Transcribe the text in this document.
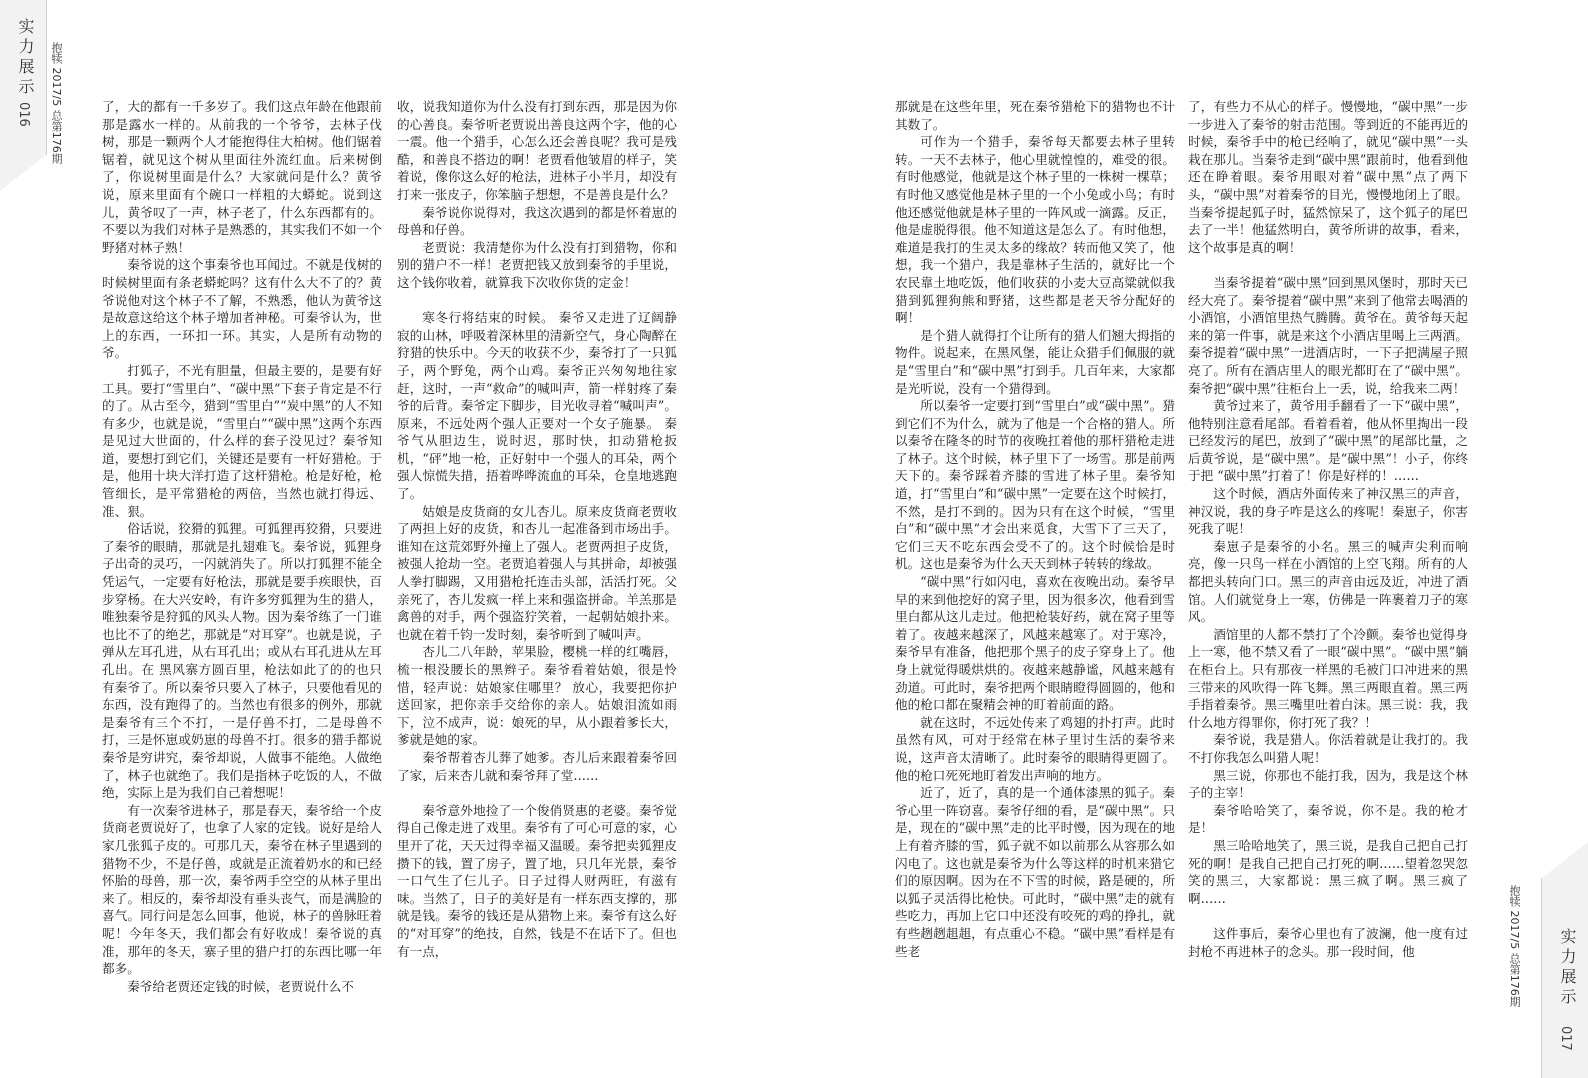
实力展示
016 抱犊 2017/5 总第176期	了，大的都有一千多岁了。我们这点年龄在他跟前那是露水一样的。从前我的一个爷爷，去林子伐树，那是一颗两个人才能抱得住大柏树。他们锯着锯着，就见这个树从里面往外流红血。后来树倒了，你说树里面是什么？大家就问是什么？黄爷说，原来里面有个碗口一样粗的大蟒蛇。说到这儿，黄爷叹了一声，林子老了，什么东西都有的。不要以为我们对林子是熟悉的，其实我们不如一个野猪对林子熟！

秦爷说的这个事秦爷也耳闻过。不就是伐树的时候树里面有条老蟒蛇吗？这有什么大不了的？黄爷说他对这个林子不了解，不熟悉，他认为黄爷这是故意这给这个林子增加者神秘。可秦爷认为，世上的东西，一环扣一环。其实，人是所有动物的爷。

打狐子，不光有胆量，但最主要的，是要有好工具。要打“雪里白”、“碳中黑”下套子肯定是不行的了。从古至今，猎到“雪里白”“炭中黑”的人不知有多少，也就是说，“雪里白”“碳中黑”这两个东西是见过大世面的，什么样的套子没见过？秦爷知道，要想打到它们，关键还是要有一杆好猎枪。于是，他用十块大洋打造了这杆猎枪。枪是好枪，枪管细长，是平常猎枪的两倍，当然也就打得远、准、狠。

俗话说，狡猾的狐狸。可狐狸再狡猾，只要进了秦爷的眼睛，那就是扎翅难飞。秦爷说，狐狸身子出奇的灵巧，一闪就消失了。所以打狐狸不能全凭运气，一定要有好枪法，那就是要手疾眼快，百步穿杨。在大兴安岭，有许多穷狐狸为生的猎人，唯独秦爷是狩狐的风头人物。因为秦爷练了一门谁也比不了的绝艺，那就是“对耳穿”。也就是说，子弹从左耳孔进，从右耳孔出；或从右耳孔进从左耳孔出。在 黑风寨方圆百里，枪法如此了的的也只有秦爷了。所以秦爷只要入了林子，只要他看见的东西，没有跑得了的。当然也有很多的例外，那就是秦爷有三个不打，一是仔兽不打，二是母兽不打，三是怀崽或奶崽的母兽不打。很多的猎手都说秦爷是穷讲究，秦爷却说，人做事不能绝。人做绝了，林子也就绝了。我们是指林子吃饭的人，不做绝，实际上是为我们自己着想呢！

有一次秦爷进林子，那是春天，秦爷给一个皮货商老贾说好了，也拿了人家的定钱。说好是给人家几张狐子皮的。可那几天，秦爷在林子里遇到的猎物不少，不是仔兽，或就是正流着奶水的和已经怀胎的母兽，那一次，秦爷两手空空的从林子里出来了。相反的，秦爷却没有垂头丧气，而是满脸的喜气。同行问是怎么回事，他说，林子的兽脉旺着呢！今年冬天，我们都会有好收成！秦爷说的真准，那年的冬天，寨子里的猎户打的东西比哪一年都多。

秦爷给老贾还定钱的时候，老贾说什么不

收，说我知道你为什么没有打到东西，那是因为你的心善良。秦爷听老贾说出善良这两个字，他的心一震。他一个猎手，心怎么还会善良呢？我可是残酷，和善良不搭边的啊！老贾看他皱眉的样子，笑着说，像你这么好的枪法，进林子小半月，却没有打来一张皮子，你笨脑子想想，不是善良是什么？

秦爷说你说得对，我这次遇到的都是怀着崽的母兽和仔兽。

老贾说：我清楚你为什么没有打到猎物，你和别的猎户不一样！老贾把钱又放到秦爷的手里说，这个钱你收着，就算我下次收你货的定金！

寒冬行将结束的时候。 秦爷又走进了辽阔静寂的山林，呼吸着深林里的清新空气，身心陶醉在狩猎的快乐中。今天的收获不少，秦爷打了一只狐子，两个野兔，两个山鸡。秦爷正兴匆匆地往家赶，这时，一声“救命”的喊叫声，箭一样射疼了秦爷的后背。秦爷定下脚步，目光收寻着“喊叫声”。原来，不远处两个强人正要对一个女子施暴。 秦爷气从胆边生，说时迟，那时快，扣动猎枪扳机，“砰”地一枪，正好射中一个强人的耳朵，两个强人惊慌失措，捂着哗哗流血的耳朵，仓皇地逃跑了。

姑娘是皮货商的女儿杏儿。原来皮货商老贾收了两担上好的皮货，和杏儿一起准备到市场出手。谁知在这荒郊野外撞上了强人。老贾两担子皮货，被强人抢劫一空。老贾追着强人与其拼命，却被强人拳打脚踢，又用猎枪托连击头部，活活打死。父亲死了，杏儿发疯一样上来和强盗拼命。羊羔那是禽兽的对手，两个强盗狞笑着，一起朝姑娘扑来。也就在着千钧一发时刻，秦爷听到了喊叫声。

杏儿二八年龄，苹果脸，樱桃一样的红嘴唇，梳一根没腰长的黑辫子。秦爷看着姑娘，很是怜惜，轻声说：姑娘家住哪里？ 放心，我要把你护送回家，把你亲手交给你的亲人。姑娘泪流如雨下，泣不成声，说：娘死的早，从小跟着爹长大，爹就是她的家。

秦爷帮着杏儿葬了她爹。杏儿后来跟着秦爷回了家，后来杏儿就和秦爷拜了堂……

秦爷意外地捡了一个俊俏贤惠的老婆。秦爷觉得自己像走进了戏里。秦爷有了可心可意的家，心里开了花，天天过得幸福又温暖。秦爷把卖狐狸皮攒下的钱，置了房子，置了地，只几年光景，秦爷一口气生了仨儿子。日子过得人财两旺，有滋有味。当然了，日子的美好是有一样东西支撑的，那就是钱。秦爷的钱还是从猎物上来。秦爷有这么好的“对耳穿”的绝技，自然，钱是不在话下了。但也有一点，

那就是在这些年里，死在秦爷猎枪下的猎物也不计其数了。

可作为一个猎手，秦爷每天都要去林子里转转。一天不去林子，他心里就惶惶的，难受的很。有时他感觉，他就是这个林子里的一株树一棵草；有时他又感觉他是林子里的一个小兔或小鸟；有时他还感觉他就是林子里的一阵风或一滴露。反正，他是虚脱得很。他不知道这是怎么了。有时他想，难道是我打的生灵太多的缘故？转而他又笑了，他想，我一个猎户，我是靠林子生活的，就好比一个农民靠土地吃饭，他们收获的小麦大豆高粱就似我猎到狐狸狗熊和野猪，这些都是老天爷分配好的啊！

是个猎人就得打个让所有的猎人们翘大拇指的物件。说起来，在黑风堡，能让众猎手们佩服的就是“雪里白”和“碳中黑”打到手。几百年来，大家都是光听说，没有一个猎得到。

所以秦爷一定要打到“雪里白”或“碳中黑”。猎到它们不为什么，就为了他是一个合格的猎人。所以秦爷在隆冬的时节的夜晚扛着他的那杆猎枪走进了林子。这个时候，林子里下了一场雪。那是前两天下的。秦爷踩着齐膝的雪进了林子里。秦爷知道，打“雪里白”和“碳中黑”一定要在这个时候打，不然，是打不到的。因为只有在这个时候，“雪里白”和“碳中黑”才会出来觅食，大雪下了三天了，它们三天不吃东西会受不了的。这个时候恰是时机。这也是秦爷为什么天天到林子转转的缘故。

“碳中黑”行如闪电，喜欢在夜晚出动。秦爷早早的来到他挖好的窝子里，因为很多次，他看到雪里白都从这儿走过。他把枪装好药，就在窝子里等着了。夜越来越深了，风越来越寒了。对于寒冷，秦爷早有准备，他把那个黑子的皮子穿身上了。他身上就觉得暖烘烘的。夜越来越静谧，风越来越有劲道。可此时，秦爷把两个眼睛瞪得圆圆的，他和他的枪口都在聚精会神的盯着前面的路。

就在这时，不远处传来了鸡翅的扑打声。此时虽然有风，可对于经常在林子里讨生活的秦爷来说，这声音太清晰了。此时秦爷的眼睛得更圆了。他的枪口死死地盯着发出声响的地方。

近了，近了，真的是一个通体漆黑的狐子。秦爷心里一阵窃喜。秦爷仔细的看，是“碳中黑”。只是，现在的“碳中黑”走的比平时慢，因为现在的地上有着齐膝的雪，狐子就不如以前那么从容那么如闪电了。这也就是秦爷为什么等这样的时机来猎它们的原因啊。因为在不下雪的时候，路是硬的，所以狐子灵活得比枪快。可此时，“碳中黑”走的就有些吃力，再加上它口中还没有咬死的鸡的挣扎，就有些趔趔趄趄，有点重心不稳。“碳中黑”看样是有些老

了，有些力不从心的样子。慢慢地，“碳中黑”一步一步进入了秦爷的射击范围。等到近的不能再近的时候，秦爷手中的枪已经响了，就见“碳中黑”一头栽在那儿。当秦爷走到“碳中黑”跟前时，他看到他还在睁着眼。秦爷用眼对着“碳中黑”点了两下头，“碳中黑”对着秦爷的目光，慢慢地闭上了眼。当秦爷提起狐子时，猛然惊呆了，这个狐子的尾巴去了一半！他猛然明白，黄爷所讲的故事，看来，这个故事是真的啊！

当秦爷提着“碳中黑”回到黑风堡时，那时天已经大亮了。秦爷提着“碳中黑”来到了他常去喝酒的小酒馆，小酒馆里热气腾腾。黄爷在。黄爷每天起来的第一件事，就是来这个小酒店里喝上三两酒。秦爷提着“碳中黑”一进酒店时，一下子把满屋子照亮了。所有在酒店里人的眼光都盯在了“碳中黑”。秦爷把“碳中黑”往柜台上一丢，说，给我来二两！

黄爷过来了，黄爷用手翻看了一下“碳中黑”，他特别注意看尾部。看着看着，他从怀里掏出一段已经发污的尾巴，放到了“碳中黑”的尾部比量，之后黄爷说，是“碳中黑”。是“碳中黑”！小子，你终于把 “碳中黑”打着了！你是好样的！……

这个时候，酒店外面传来了神汉黑三的声音，神汉说，我的身子咋是这么的疼呢！秦崽子，你害死我了呢！

秦崽子是秦爷的小名。黑三的喊声尖利而响亮，像一只鸟一样在小酒馆的上空飞翔。所有的人都把头转向门口。黑三的声音由远及近，冲进了酒馆。人们就觉身上一寒，仿佛是一阵裹着刀子的寒风。

酒馆里的人都不禁打了个冷颤。秦爷也觉得身上一寒，他不禁又看了一眼“碳中黑”。“碳中黑”躺在柜台上。只有那夜一样黑的毛被门口冲进来的黑三带来的风吹得一阵飞舞。黑三两眼直着。黑三两手指着秦爷。黑三嘴里吐着白沫。黑三说：我，我什么地方得罪你，你打死了我？！

秦爷说，我是猎人。你活着就是让我打的。我不打你我怎么叫猎人呢！

黑三说，你那也不能打我，因为，我是这个林子的主宰！

秦爷哈哈笑了，秦爷说，你不是。我的枪才是！

黑三哈哈地笑了，黑三说，是我自己把自己打死的啊！是我自己把自己打死的啊……望着忽哭忽笑的黑三，大家都说：黑三疯了啊。黑三疯了啊……

这件事后，秦爷心里也有了波澜，他一度有过封枪不再进林子的念头。那一段时间，他	抱犊 2017/5 总第176期 实力展示
017
